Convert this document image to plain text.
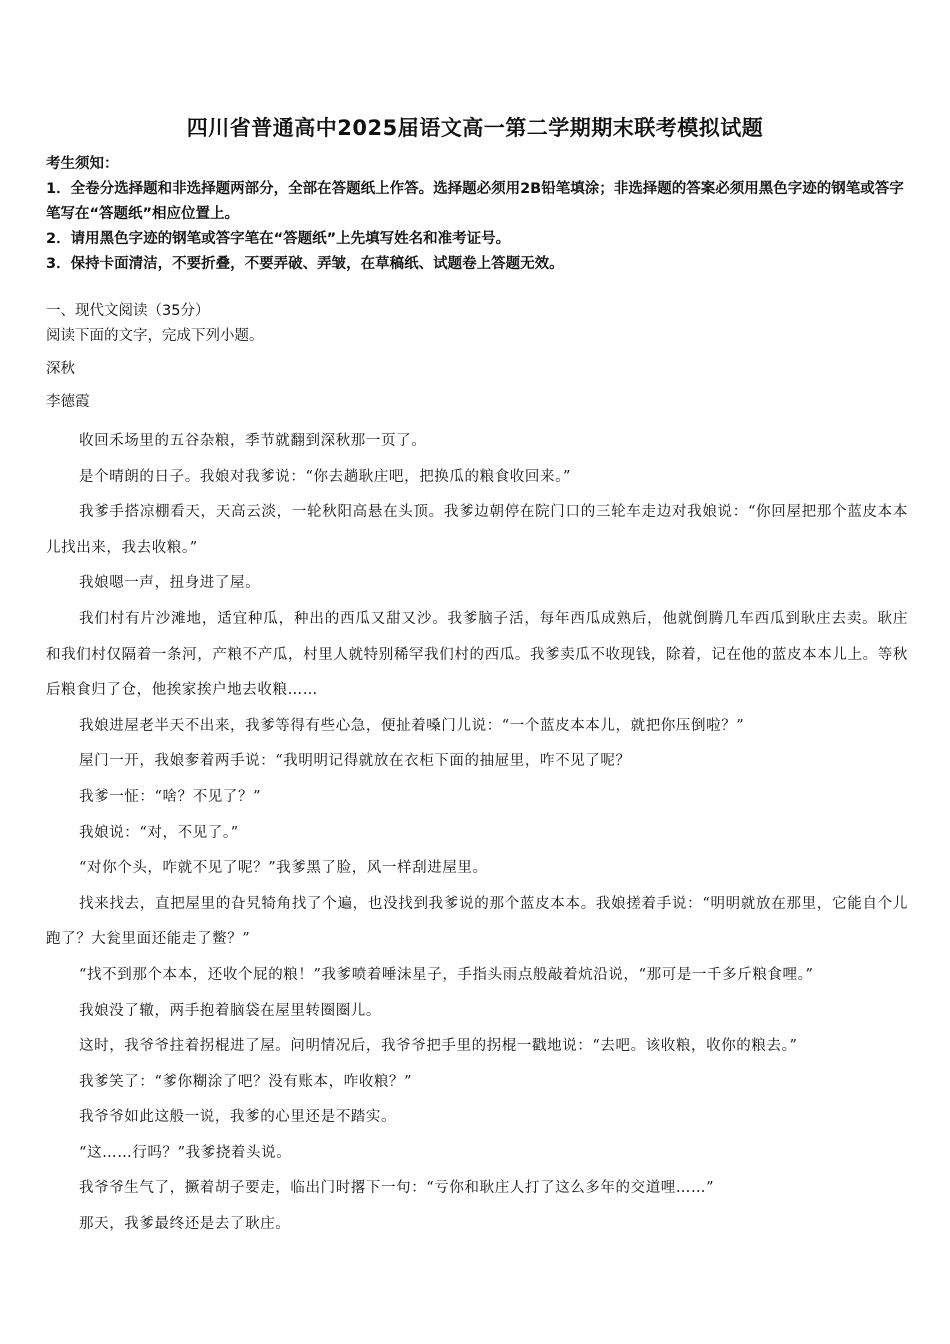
四川省普通高中2025届语文高一第二学期期末联考模拟试题
考生须知：
1．全卷分选择题和非选择题两部分，全部在答题纸上作答。选择题必须用2B铅笔填涂；非选择题的答案必须用黑色字迹的钢笔或答字笔写在“答题纸”相应位置上。
2．请用黑色字迹的钢笔或答字笔在“答题纸”上先填写姓名和准考证号。
3．保持卡面清洁，不要折叠，不要弄破、弄皱，在草稿纸、试题卷上答题无效。
一、现代文阅读（35分）
阅读下面的文字，完成下列小题。
深秋
李德霞

收回禾场里的五谷杂粮，季节就翻到深秋那一页了。

是个晴朗的日子。我娘对我爹说：“你去趟耿庄吧，把换瓜的粮食收回来。”

我爹手搭凉棚看天，天高云淡，一轮秋阳高悬在头顶。我爹边朝停在院门口的三轮车走边对我娘说：“你回屋把那个蓝皮本本儿找出来，我去收粮。”

我娘嗯一声，扭身进了屋。

我们村有片沙滩地，适宜种瓜，种出的西瓜又甜又沙。我爹脑子活，每年西瓜成熟后，他就倒腾几车西瓜到耿庄去卖。耿庄和我们村仅隔着一条河，产粮不产瓜，村里人就特别稀罕我们村的西瓜。我爹卖瓜不收现钱，除着，记在他的蓝皮本本儿上。等秋后粮食归了仓，他挨家挨户地去收粮……

我娘进屋老半天不出来，我爹等得有些心急，便扯着嗓门儿说：“一个蓝皮本本儿，就把你压倒啦？”

屋门一开，我娘奓着两手说：“我明明记得就放在衣柜下面的抽屉里，咋不见了呢？

我爹一怔：“啥？不见了？”

我娘说：“对，不见了。”

“对你个头，咋就不见了呢？”我爹黑了脸，风一样刮进屋里。

找来找去，直把屋里的旮旯犄角找了个遍，也没找到我爹说的那个蓝皮本本。我娘搓着手说：“明明就放在那里，它能自个儿跑了？大瓮里面还能走了鳖？”

“找不到那个本本，还收个屁的粮！”我爹喷着唾沫星子，手指头雨点般敲着炕沿说，“那可是一千多斤粮食哩。”

我娘没了辙，两手抱着脑袋在屋里转圈圈儿。

这时，我爷爷拄着拐棍进了屋。问明情况后，我爷爷把手里的拐棍一戳地说：“去吧。该收粮，收你的粮去。”

我爹笑了：“爹你糊涂了吧？没有账本，咋收粮？”

我爷爷如此这般一说，我爹的心里还是不踏实。

“这……行吗？”我爹挠着头说。

我爷爷生气了，撅着胡子要走，临出门时撂下一句：“亏你和耿庄人打了这么多年的交道哩……”

那天，我爹最终还是去了耿庄。
